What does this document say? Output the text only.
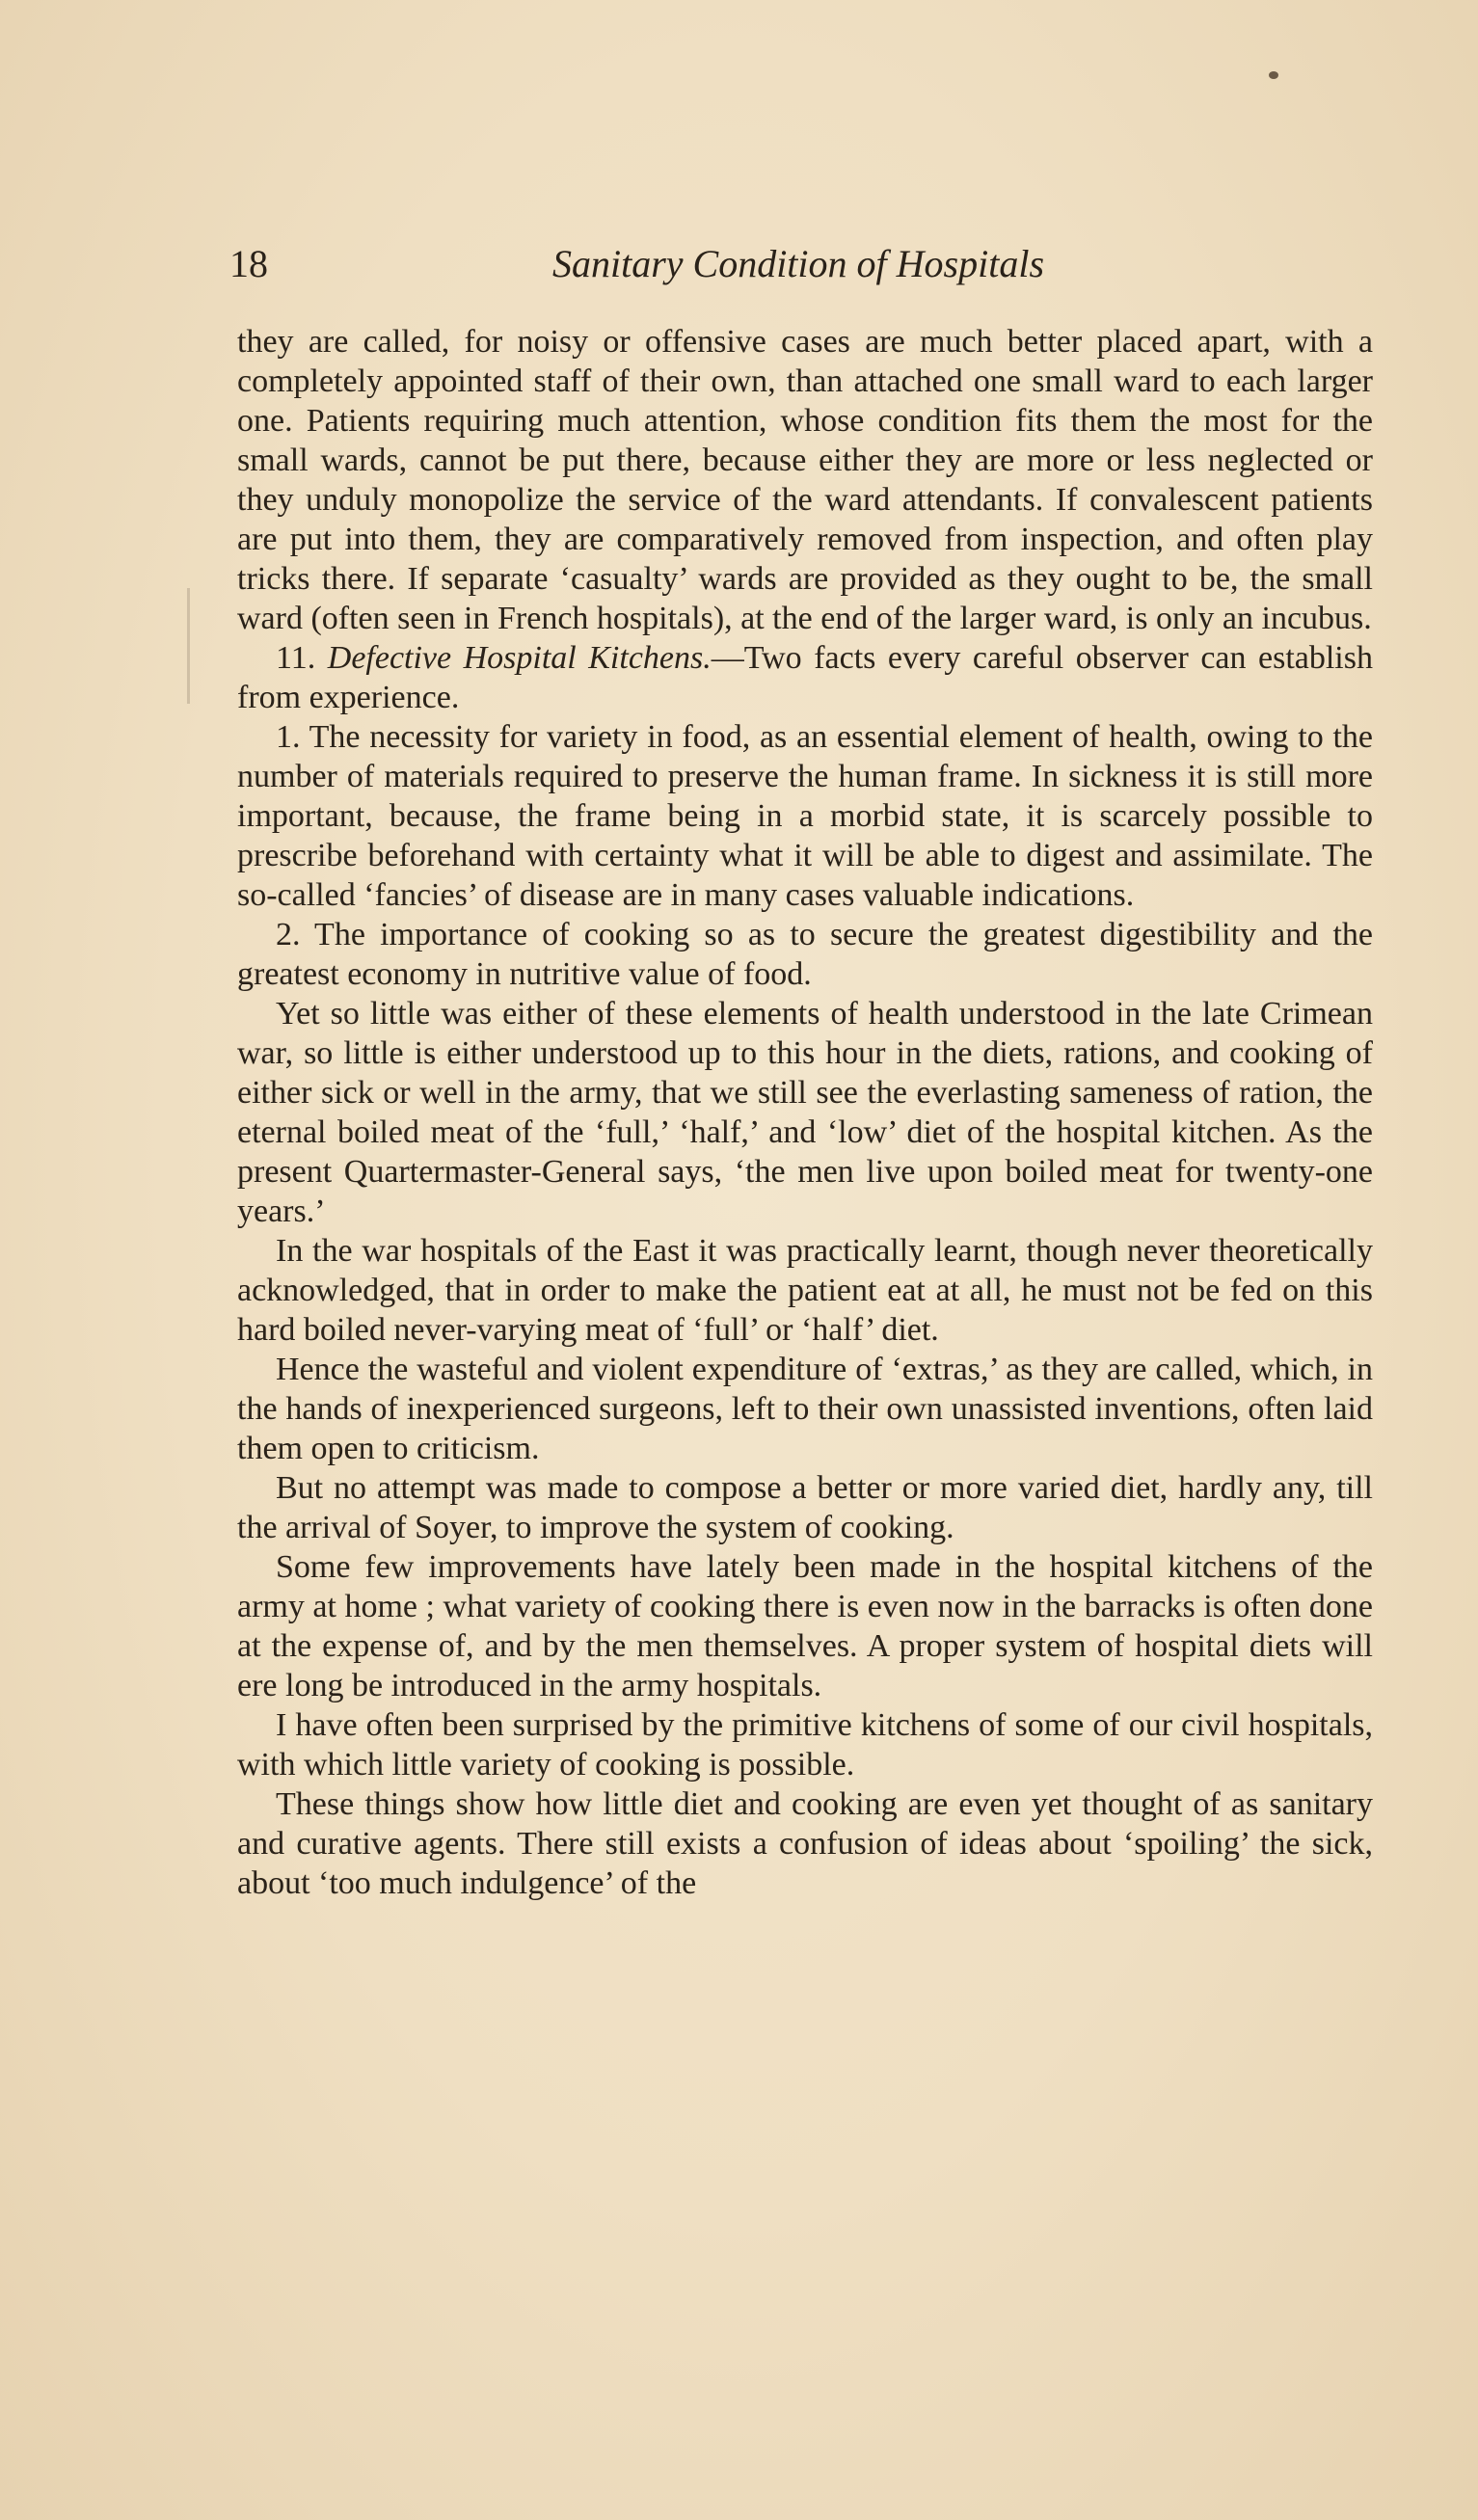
18	Sanitary Condition of Hospitals

they are called, for noisy or offensive cases are much better placed apart, with a completely appointed staff of their own, than attached one small ward to each larger one. Patients requiring much attention, whose condition fits them the most for the small wards, cannot be put there, because either they are more or less neglected or they unduly monopolize the service of the ward attendants. If convalescent patients are put into them, they are comparatively removed from inspection, and often play tricks there. If separate ‘casualty’ wards are provided as they ought to be, the small ward (often seen in French hospitals), at the end of the larger ward, is only an incubus.

11. Defective Hospital Kitchens.—Two facts every careful observer can establish from experience.

1. The necessity for variety in food, as an essential element of health, owing to the number of materials required to preserve the human frame. In sickness it is still more important, because, the frame being in a morbid state, it is scarcely possible to prescribe beforehand with certainty what it will be able to digest and assimilate. The so-called ‘fancies’ of disease are in many cases valuable indications.

2. The importance of cooking so as to secure the greatest digestibility and the greatest economy in nutritive value of food.

Yet so little was either of these elements of health understood in the late Crimean war, so little is either understood up to this hour in the diets, rations, and cooking of either sick or well in the army, that we still see the everlasting sameness of ration, the eternal boiled meat of the ‘full,’ ‘half,’ and ‘low’ diet of the hospital kitchen. As the present Quartermaster-General says, ‘the men live upon boiled meat for twenty-one years.’

In the war hospitals of the East it was practically learnt, though never theoretically acknowledged, that in order to make the patient eat at all, he must not be fed on this hard boiled never-varying meat of ‘full’ or ‘half’ diet.

Hence the wasteful and violent expenditure of ‘extras,’ as they are called, which, in the hands of inexperienced surgeons, left to their own unassisted inventions, often laid them open to criticism.

But no attempt was made to compose a better or more varied diet, hardly any, till the arrival of Soyer, to improve the system of cooking.

Some few improvements have lately been made in the hospital kitchens of the army at home ; what variety of cooking there is even now in the barracks is often done at the expense of, and by the men themselves. A proper system of hospital diets will ere long be introduced in the army hospitals.

I have often been surprised by the primitive kitchens of some of our civil hospitals, with which little variety of cooking is possible.

These things show how little diet and cooking are even yet thought of as sanitary and curative agents. There still exists a confusion of ideas about ‘spoiling’ the sick, about ‘too much indulgence’ of the
